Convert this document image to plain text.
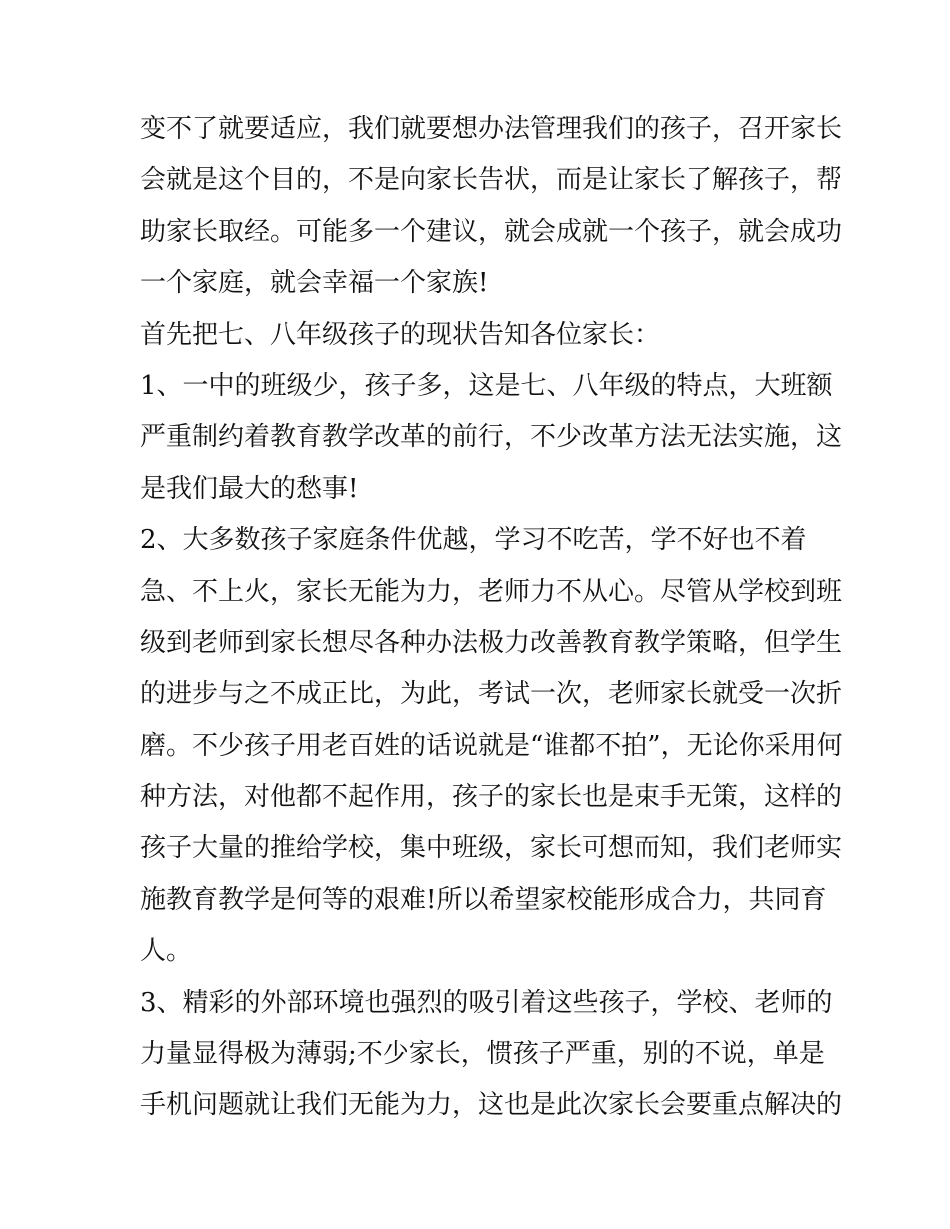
变不了就要适应，我们就要想办法管理我们的孩子，召开家长
会就是这个目的，不是向家长告状，而是让家长了解孩子，帮
助家长取经。可能多一个建议，就会成就一个孩子，就会成功
一个家庭，就会幸福一个家族!
首先把七、八年级孩子的现状告知各位家长：
1、一中的班级少，孩子多，这是七、八年级的特点，大班额
严重制约着教育教学改革的前行，不少改革方法无法实施，这
是我们最大的愁事!
2、大多数孩子家庭条件优越，学习不吃苦，学不好也不着
急、不上火，家长无能为力，老师力不从心。尽管从学校到班
级到老师到家长想尽各种办法极力改善教育教学策略，但学生
的进步与之不成正比，为此，考试一次，老师家长就受一次折
磨。不少孩子用老百姓的话说就是“谁都不拍”，无论你采用何
种方法，对他都不起作用，孩子的家长也是束手无策，这样的
孩子大量的推给学校，集中班级，家长可想而知，我们老师实
施教育教学是何等的艰难!所以希望家校能形成合力，共同育
人。
3、精彩的外部环境也强烈的吸引着这些孩子，学校、老师的
力量显得极为薄弱;不少家长，惯孩子严重，别的不说，单是
手机问题就让我们无能为力，这也是此次家长会要重点解决的
